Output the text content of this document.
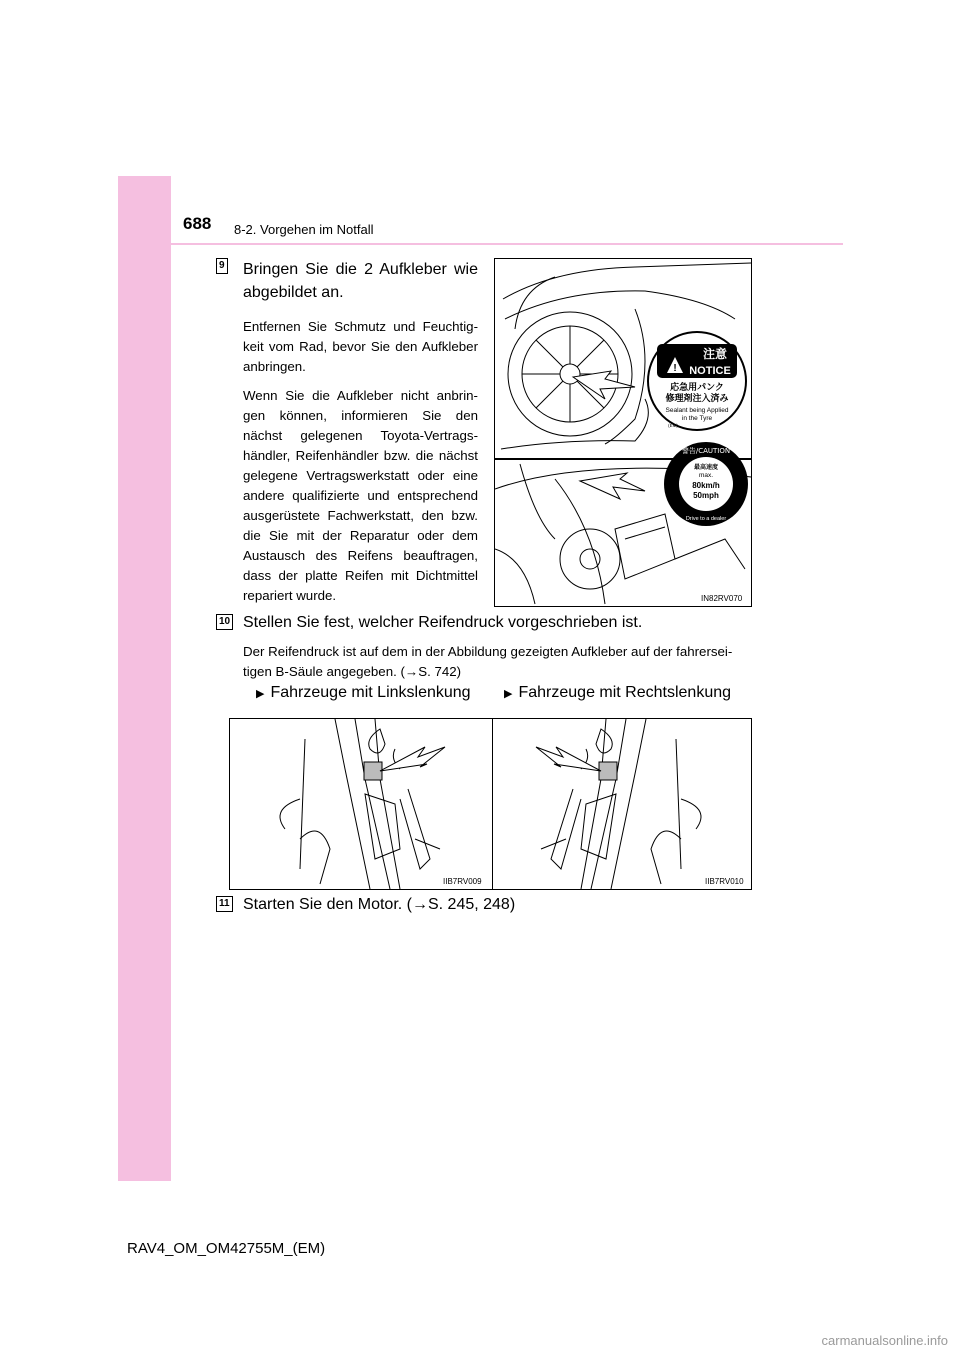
688 8-2. Vorgehen im Notfall
9 Bringen Sie die 2 Aufkleber wie abgebildet an.

Entfernen Sie Schmutz und Feuchtig-keit vom Rad, bevor Sie den Aufkleber anbringen.

Wenn Sie die Aufkleber nicht anbrin-gen können, informieren Sie den nächst gelegenen Toyota-Vertrags-händler, Reifenhändler bzw. die nächst gelegene Vertragswerkstatt oder eine andere qualifizierte und entsprechend ausgerüstete Fachwerkstatt, den bzw. die Sie mit der Reparatur oder dem Austausch des Reifens beauftragen, dass der platte Reifen mit Dichtmittel repariert wurde.

!
注意
NOTICE
応急用パンク
修理剤注入済み
Sealant being Applied
in the Tyre
(EM)
警告/CAUTION
最高速度
max.
80km/h
50mph
Drive to a dealer
IN82RV070
10 Stellen Sie fest, welcher Reifendruck vorgeschrieben ist.
Der Reifendruck ist auf dem in der Abbildung gezeigten Aufkleber auf der fahrersei-tigen B-Säule angegeben. (→S. 742)
▶ Fahrzeuge mit Linkslenkung	▶ Fahrzeuge mit Rechtslenkung
IIB7RV009	IIB7RV010
11 Starten Sie den Motor. (→S. 245, 248)
RAV4_OM_OM42755M_(EM)
carmanualsonline.info
